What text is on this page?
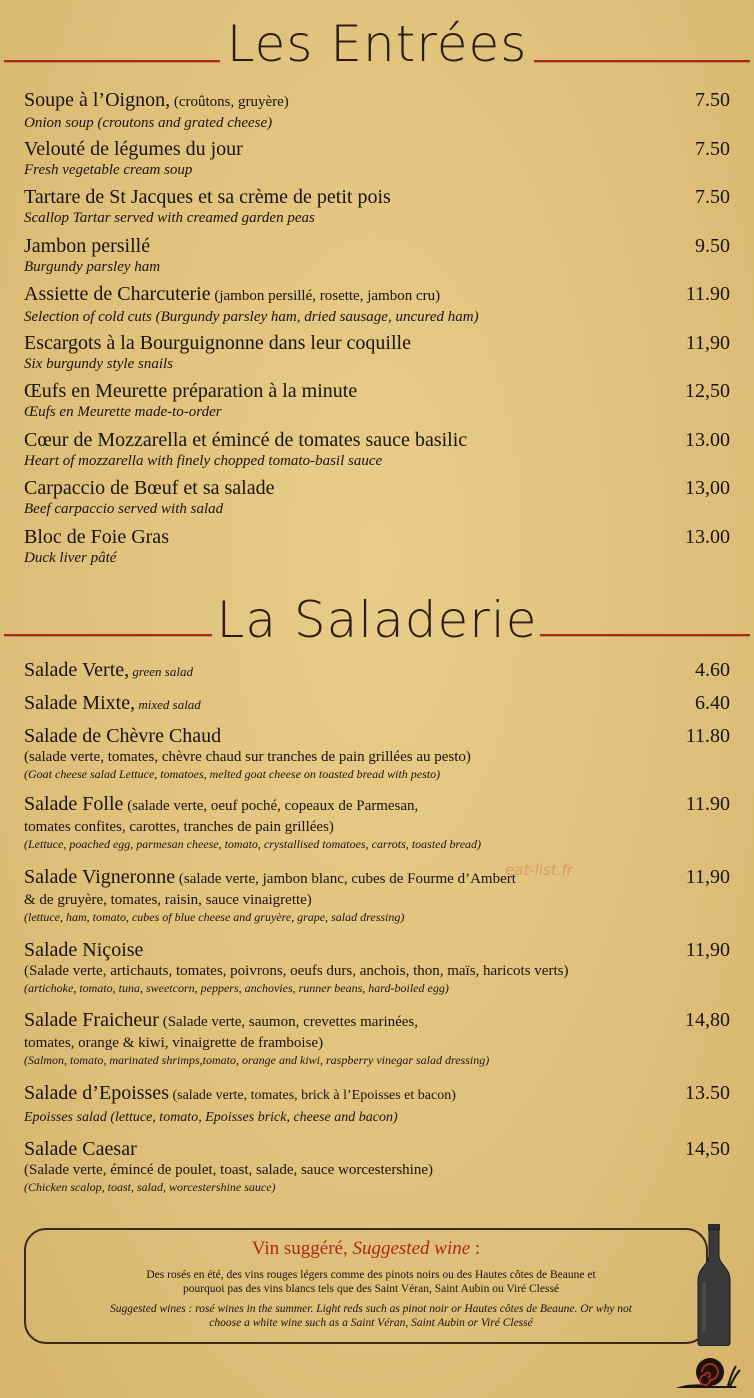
Les Entrées
Soupe à l’Oignon, (croûtons, gruyère)	7.50
Onion soup (croutons and grated cheese)
Velouté de légumes du jour	7.50
Fresh vegetable cream soup
Tartare de St Jacques et sa crème de petit pois	7.50
Scallop Tartar served with creamed garden peas
Jambon persillé	9.50
Burgundy parsley ham
Assiette de Charcuterie (jambon persillé, rosette, jambon cru)	11.90
Selection of cold cuts (Burgundy parsley ham, dried sausage, uncured ham)
Escargots à la Bourguignonne dans leur coquille	11,90
Six burgundy style snails
Œufs en Meurette préparation à la minute	12,50
Œufs en Meurette made-to-order
Cœur de Mozzarella et émincé de tomates sauce basilic	13.00
Heart of mozzarella with finely chopped tomato-basil sauce
Carpaccio de Bœuf et sa salade	13,00
Beef carpaccio served with salad
Bloc de Foie Gras	13.00
Duck liver pâté
La Saladerie
Salade Verte, green salad	4.60
Salade Mixte, mixed salad	6.40
Salade de Chèvre Chaud	11.80
(salade verte, tomates, chèvre chaud sur tranches de pain grillées au pesto)
(Goat cheese salad Lettuce, tomatoes, melted goat cheese on toasted bread with pesto)
Salade Folle (salade verte, oeuf poché, copeaux de Parmesan,	11.90
tomates confites, carottes, tranches de pain grillées)
(Lettuce, poached egg, parmesan cheese, tomato, crystallised tomatoes, carrots, toasted bread)
Salade Vigneronne (salade verte, jambon blanc, cubes de Fourme d’Ambert	11,90
& de gruyère, tomates, raisin, sauce vinaigrette)
(lettuce, ham, tomato, cubes of blue cheese and gruyère, grape, salad dressing)
Salade Niçoise	11,90
(Salade verte, artichauts, tomates, poivrons, oeufs durs, anchois, thon, maïs, haricots verts)
(artichoke, tomato, tuna, sweetcorn, peppers, anchovies, runner beans, hard-boiled egg)
Salade Fraicheur (Salade verte, saumon, crevettes marinées,	14,80
tomates, orange & kiwi, vinaigrette de framboise)
(Salmon, tomato, marinated shrimps,tomato, orange and kiwi, raspberry vinegar salad dressing)
Salade d’Epoisses (salade verte, tomates, brick à l’Epoisses et bacon)	13.50
Epoisses salad (lettuce, tomato, Epoisses brick, cheese and bacon)
Salade Caesar	14,50
(Salade verte, émincé de poulet, toast, salade, sauce worcestershine)
(Chicken scalop, toast, salad, worcestershine sauce)
eat-list.fr
Vin suggéré, Suggested wine :
Des rosés en été, des vins rouges légers comme des pinots noirs ou des Hautes côtes de Beaune et
pourquoi pas des vins blancs tels que des Saint Véran, Saint Aubin ou Viré Clessé
Suggested wines : rosé wines in the summer. Light reds such as pinot noir or Hautes côtes de Beaune. Or why not
choose a white wine such as a Saint Véran, Saint Aubin or Viré Clessé
